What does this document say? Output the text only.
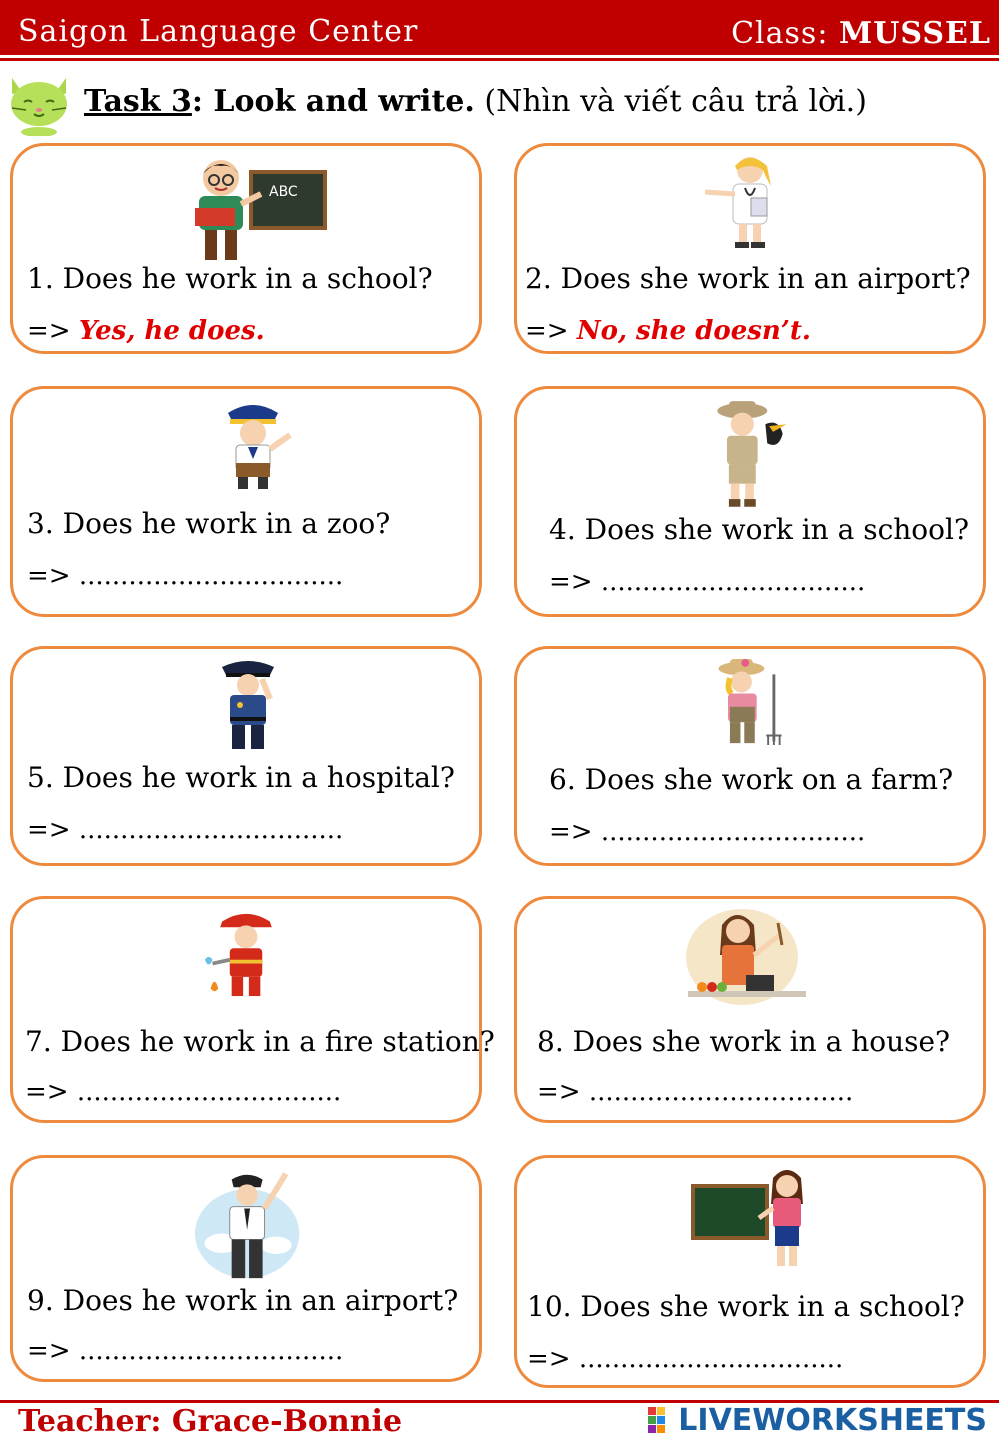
Saigon Language Center	Class: MUSSEL
Task 3: Look and write. (Nhìn và viết câu trả lời.)
ABC
1. Does he work in a school?
=> Yes, he does.
2. Does she work in an airport?
=> No, she doesn’t.
3. Does he work in a zoo?
=> ................................
4. Does she work in a school?
=> ................................
5. Does he work in a hospital?
=> ................................
6. Does she work on a farm?
=> ................................
7. Does he work in a fire station?
=> ................................
8. Does she work in a house?
=> ................................
9. Does he work in an airport?
=> ................................
10. Does she work in a school?
=> ................................
Teacher: Grace-Bonnie	LIVEWORKSHEETS
